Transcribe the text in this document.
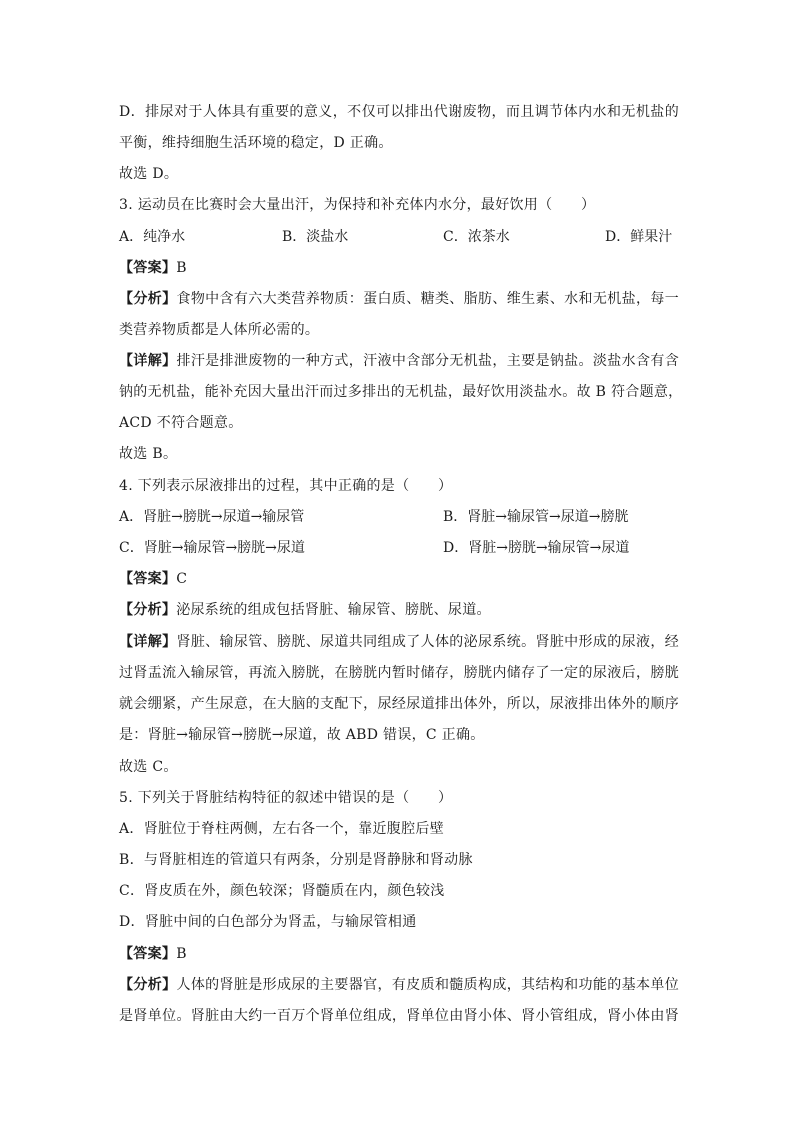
D．排尿对于人体具有重要的意义，不仅可以排出代谢废物，而且调节体内水和无机盐的
平衡，维持细胞生活环境的稳定，D 正确。
故选 D。
3. 运动员在比赛时会大量出汗，为保持和补充体内水分，最好饮用（　　）
A．纯净水	B．淡盐水	C．浓茶水	D．鲜果汁
【答案】B
【分析】食物中含有六大类营养物质：蛋白质、糖类、脂肪、维生素、水和无机盐，每一
类营养物质都是人体所必需的。
【详解】排汗是排泄废物的一种方式，汗液中含部分无机盐，主要是钠盐。淡盐水含有含
钠的无机盐，能补充因大量出汗而过多排出的无机盐，最好饮用淡盐水。故 B 符合题意，
ACD 不符合题意。
故选 B。
4. 下列表示尿液排出的过程，其中正确的是（　　）
A．肾脏→膀胱→尿道→输尿管	B．肾脏→输尿管→尿道→膀胱
C．肾脏→输尿管→膀胱→尿道	D．肾脏→膀胱→输尿管→尿道
【答案】C
【分析】泌尿系统的组成包括肾脏、输尿管、膀胱、尿道。
【详解】肾脏、输尿管、膀胱、尿道共同组成了人体的泌尿系统。肾脏中形成的尿液，经
过肾盂流入输尿管，再流入膀胱，在膀胱内暂时储存，膀胱内储存了一定的尿液后，膀胱
就会绷紧，产生尿意，在大脑的支配下，尿经尿道排出体外，所以，尿液排出体外的顺序
是：肾脏→输尿管→膀胱→尿道，故 ABD 错误，C 正确。
故选 C。
5. 下列关于肾脏结构特征的叙述中错误的是（　　）
A．肾脏位于脊柱两侧，左右各一个，靠近腹腔后壁
B．与肾脏相连的管道只有两条，分别是肾静脉和肾动脉
C．肾皮质在外，颜色较深；肾髓质在内，颜色较浅
D．肾脏中间的白色部分为肾盂，与输尿管相通
【答案】B
【分析】人体的肾脏是形成尿的主要器官，有皮质和髓质构成，其结构和功能的基本单位
是肾单位。肾脏由大约一百万个肾单位组成，肾单位由肾小体、肾小管组成，肾小体由肾
